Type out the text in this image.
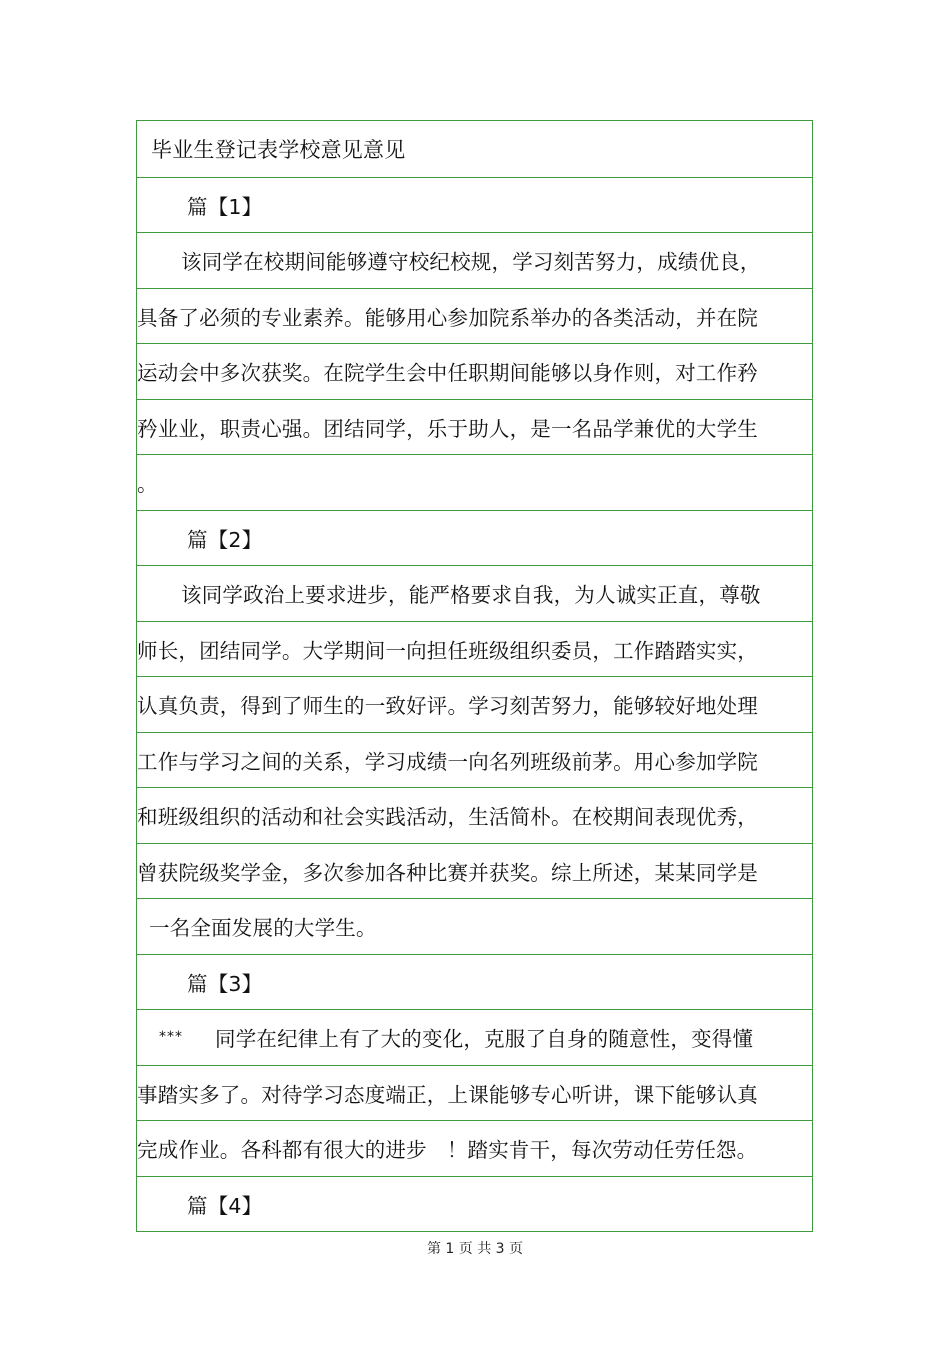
毕业生登记表学校意见意见
篇【1】
该同学在校期间能够遵守校纪校规，学习刻苦努力，成绩优良，
具备了必须的专业素养。能够用心参加院系举办的各类活动，并在院
运动会中多次获奖。在院学生会中任职期间能够以身作则，对工作矜
矜业业，职责心强。团结同学，乐于助人，是一名品学兼优的大学生
。
篇【2】
该同学政治上要求进步，能严格要求自我，为人诚实正直，尊敬
师长，团结同学。大学期间一向担任班级组织委员，工作踏踏实实，
认真负责，得到了师生的一致好评。学习刻苦努力，能够较好地处理
工作与学习之间的关系，学习成绩一向名列班级前茅。用心参加学院
和班级组织的活动和社会实践活动，生活简朴。在校期间表现优秀，
曾获院级奖学金，多次参加各种比赛并获奖。综上所述，某某同学是
一名全面发展的大学生。
篇【3】
*** 同学在纪律上有了大的变化，克服了自身的随意性，变得懂
事踏实多了。对待学习态度端正，上课能够专心听讲，课下能够认真
完成作业。各科都有很大的进步 ！踏实肯干，每次劳动任劳任怨。
篇【4】
第 1 页 共 3 页
